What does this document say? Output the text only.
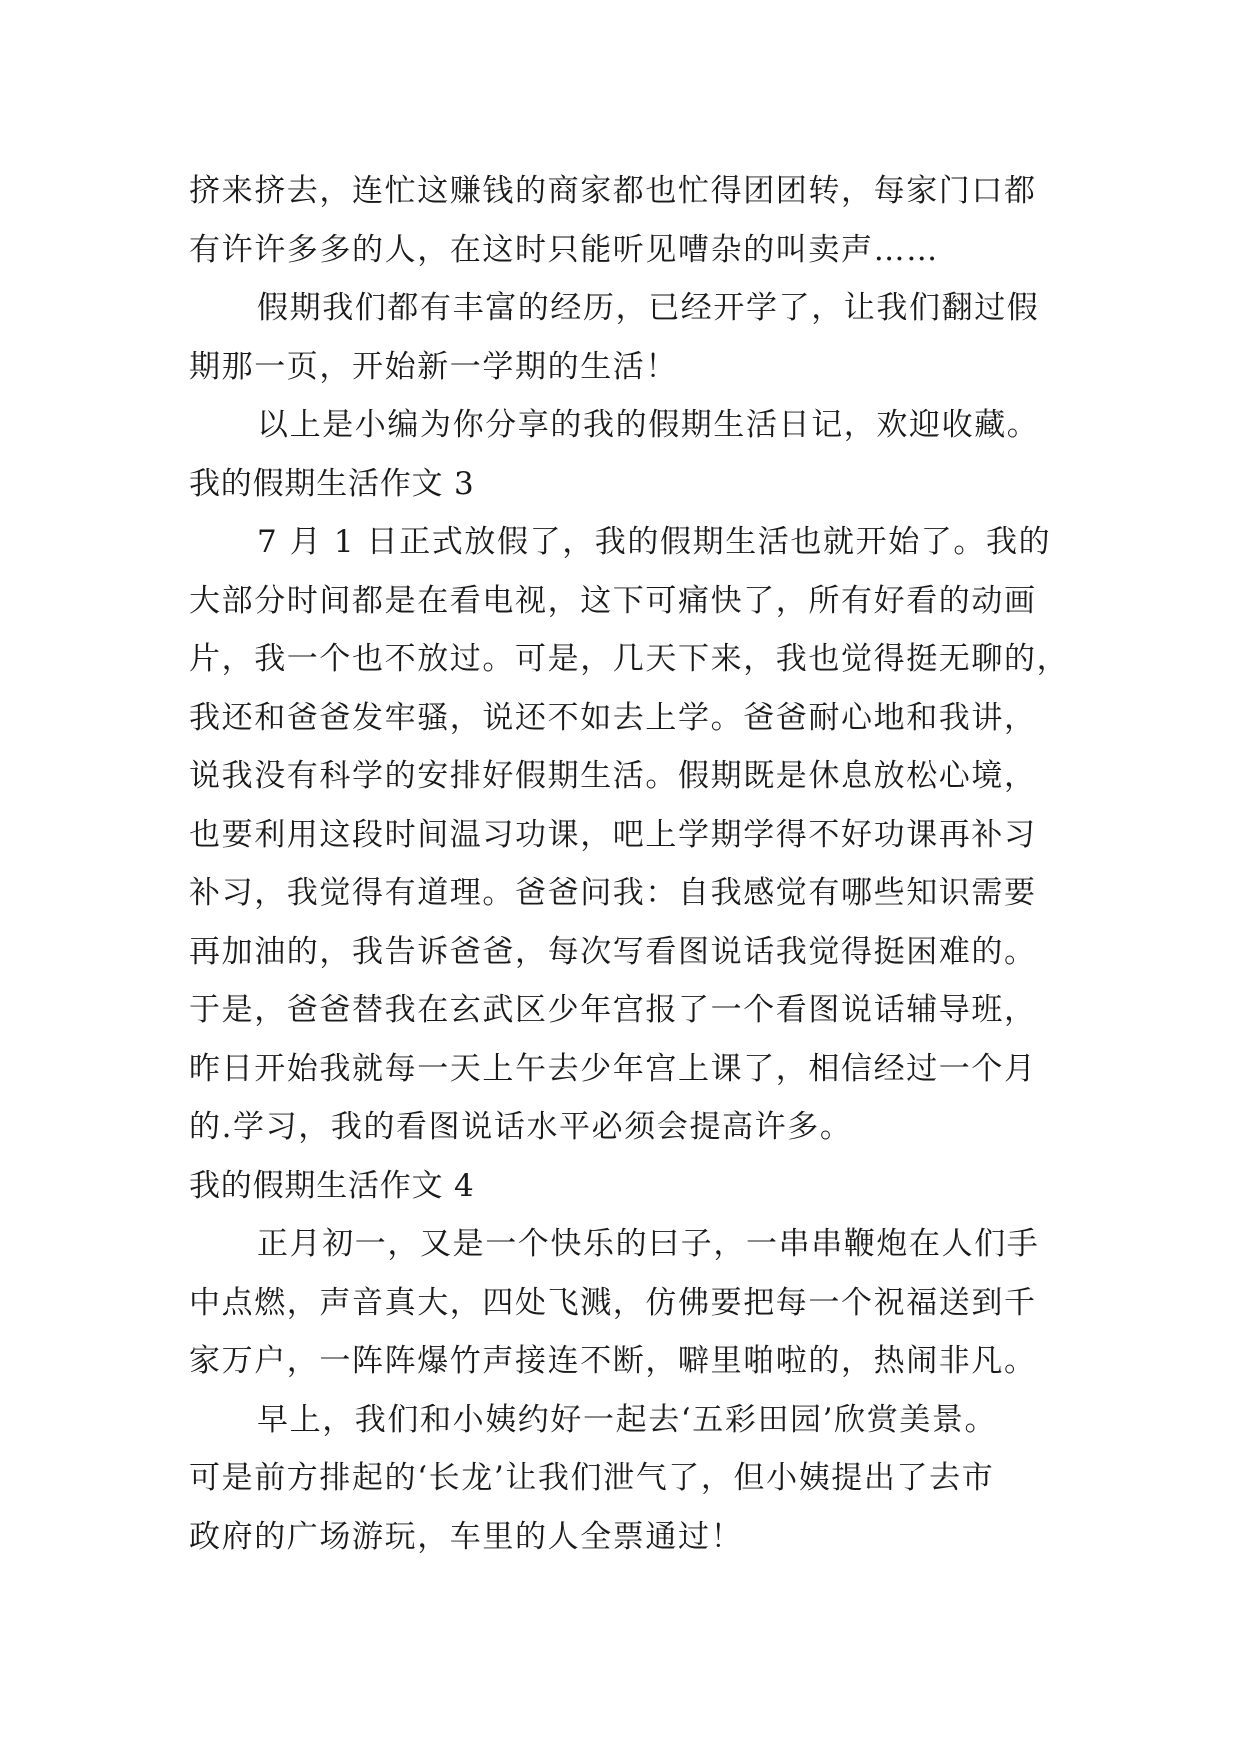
挤来挤去，连忙这赚钱的商家都也忙得团团转，每家门口都
有许许多多的人，在这时只能听见嘈杂的叫卖声……
假期我们都有丰富的经历，已经开学了，让我们翻过假
期那一页，开始新一学期的生活！
以上是小编为你分享的我的假期生活日记，欢迎收藏。
我的假期生活作文 3
7 月 1 日正式放假了，我的假期生活也就开始了。我的
大部分时间都是在看电视，这下可痛快了，所有好看的动画
片，我一个也不放过。可是，几天下来，我也觉得挺无聊的，
我还和爸爸发牢骚，说还不如去上学。爸爸耐心地和我讲，
说我没有科学的安排好假期生活。假期既是休息放松心境，
也要利用这段时间温习功课，吧上学期学得不好功课再补习
补习，我觉得有道理。爸爸问我：自我感觉有哪些知识需要
再加油的，我告诉爸爸，每次写看图说话我觉得挺困难的。
于是，爸爸替我在玄武区少年宫报了一个看图说话辅导班，
昨日开始我就每一天上午去少年宫上课了，相信经过一个月
的.学习，我的看图说话水平必须会提高许多。
我的假期生活作文 4
正月初一，又是一个快乐的曰子，一串串鞭炮在人们手
中点燃，声音真大，四处飞溅，仿佛要把每一个祝福送到千
家万户，一阵阵爆竹声接连不断，噼里啪啦的，热闹非凡。
早上，我们和小姨约好一起去‘五彩田园’欣赏美景。
可是前方排起的‘长龙’让我们泄气了，但小姨提出了去市
政府的广场游玩，车里的人全票通过！
